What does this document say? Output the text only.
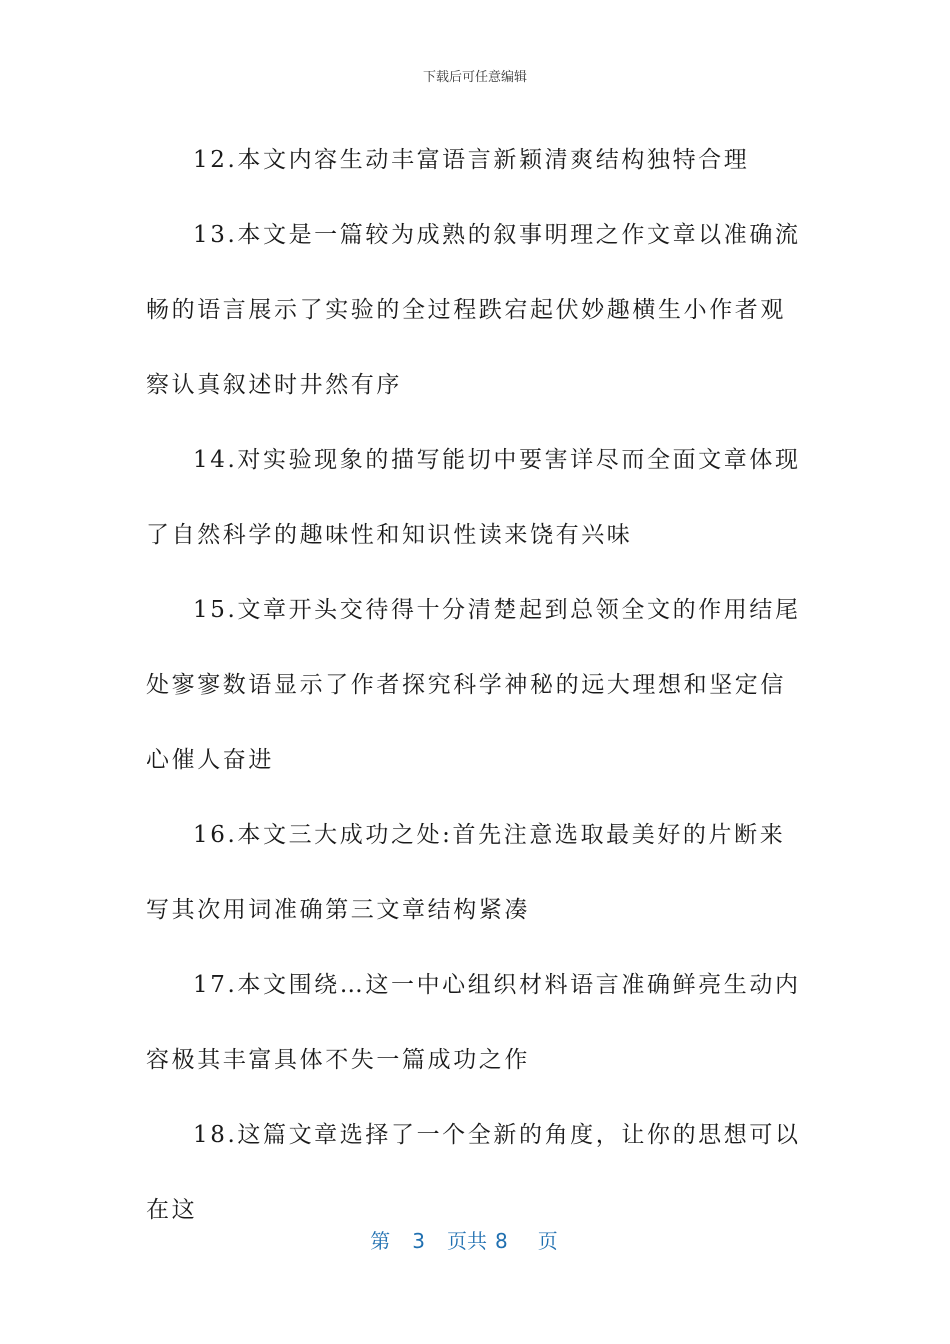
下载后可任意编辑

12.本文内容生动丰富语言新颖清爽结构独特合理

13.本文是一篇较为成熟的叙事明理之作文章以准确流畅的语言展示了实验的全过程跌宕起伏妙趣横生小作者观察认真叙述时井然有序

14.对实验现象的描写能切中要害详尽而全面文章体现了自然科学的趣味性和知识性读来饶有兴味

15.文章开头交待得十分清楚起到总领全文的作用结尾处寥寥数语显示了作者探究科学神秘的远大理想和坚定信心催人奋进

16.本文三大成功之处:首先注意选取最美好的片断来写其次用词准确第三文章结构紧凑

17.本文围绕…这一中心组织材料语言准确鲜亮生动内容极其丰富具体不失一篇成功之作

18.这篇文章选择了一个全新的角度，让你的思想可以在这

第 3 页共 8 页
